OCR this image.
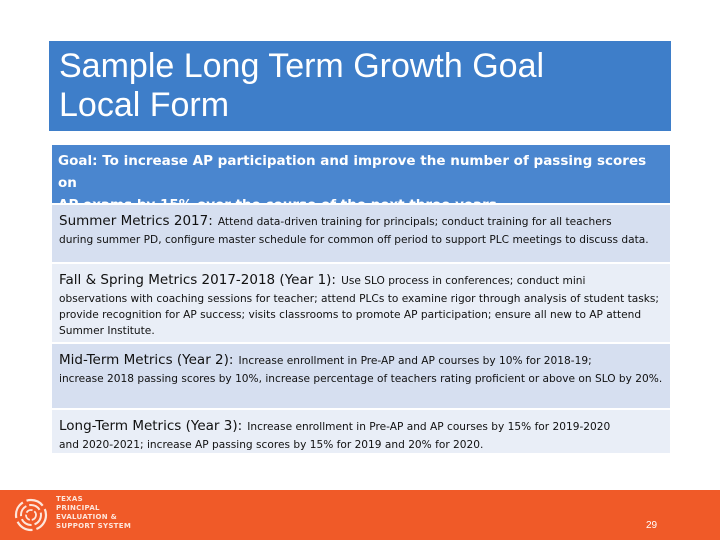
Sample Long Term Growth Goal
Local Form
Goal: To increase AP participation and improve the number of passing scores on
Summer Metrics 2017: Attend data-driven training for principals; conduct training for all teachers
during summer PD, configure master schedule for common off period to support PLC meetings to discuss data.
Fall & Spring Metrics 2017-2018 (Year 1): Use SLO process in conferences; conduct mini
observations with coaching sessions for teacher; attend PLCs to examine rigor through analysis of student tasks; provide recognition for AP success; visits classrooms to promote AP participation; ensure all new to AP attend Summer Institute.
Mid-Term Metrics (Year 2): Increase enrollment in Pre-AP and AP courses by 10% for 2018-19;
increase 2018 passing scores by 10%, increase percentage of teachers rating proficient or above on SLO by 20%.
Long-Term Metrics (Year 3): Increase enrollment in Pre-AP and AP courses by 15% for 2019-2020
and 2020-2021; increase AP passing scores by 15% for 2019 and 20% for 2020.
TEXAS
PRINCIPAL
EVALUATION &
SUPPORT SYSTEM	29
